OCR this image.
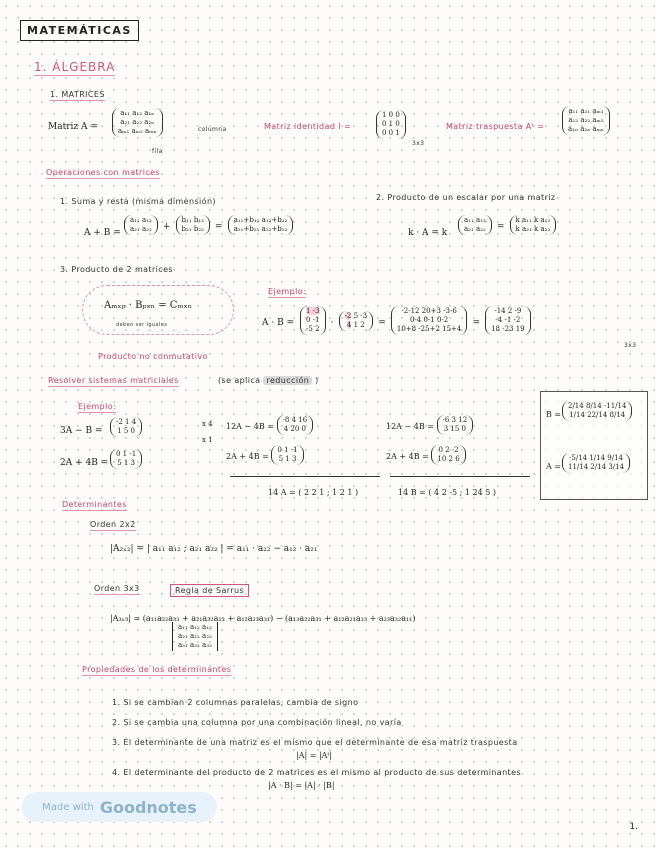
MATEMÁTICAS
1. ÁLGEBRA
1. MATRICES
Matriz A =
a₁₁ a₁₂ a₁ₙ
a₂₁ a₂₂ a₂ₙ
aₘ₁ aₘ₂ aₘₙ	columna
fila
Matriz identidad I =
1 0 0
0 1 0
0 0 1
3x3
Matriz traspuesta Aᵗ =
a₁₁ a₂₁ aₘ₁
a₁₂ a₂₂ aₘ₂
a₁ₙ a₂ₙ aₘₙ
Operaciones con matrices
1. Suma y resta (misma dimensión)
A + B =
a₁₁ a₁₂
a₂₁ a₂₂ + b₁₁ b₁₂
b₂₁ b₂₂ = a₁₁+b₁₁ a₁₂+b₁₂
a₂₁+b₂₁ a₂₂+b₂₂
2. Producto de un escalar por una matriz
k · A = k
a₁₁ a₁₂
a₂₁ a₂₂ = k a₁₁ k a₁₂
k a₂₁ k a₂₂
3. Producto de 2 matrices
Aₘₓₚ · Bₚₓₙ = Cₘₓₙ
deben ser iguales
Producto no conmutativo
Ejemplo:
A · B =
1 -3
0 -1
-5 2 · -2 5 -3
4 1 2 = -2-12 20+3 -3-6
0-4 0-1 0-2
10+8 -25+2 15+4 = -14 2 -9
-4 -1 -2
18 -23 19
3x3
Resolver sistemas matriciales	(se aplica reducción )
Ejemplo:
3A − B =
-2 1 4
1 5 0
2A + 4B =
0 1 -1
5 1 3
x 4
x 1
12A − 4B = -8 4 16
4 20 0
2A + 4B = 0 1 -1
5 1 3
14 A = ( 2 2 1 ; 1 2 1 )
12A − 4B = -6 3 12
3 15 0
2A + 4B = 0 2 -2
10 2 6
14 B = ( 4 2 -5 ; 1 24 5 )
B =
2/14 8/14 -11/14
1/14 22/14 8/14
A =
-5/14 1/14 9/14
11/14 2/14 3/14
Determinantes
Orden 2x2
|A₂ₓ₂| = | a₁₁ a₁₂ ; a₂₁ a₂₂ | = a₁₁ · a₂₂ − a₁₂ · a₂₁
Orden 3x3	Regla de Sarrus
|A₃ₓ₃| = (a₁₁a₂₂a₃₃ + a₂₁a₃₂a₁₃ + a₁₂a₂₃a₃₁) − (a₁₃a₂₂a₃₁ + a₁₂a₂₁a₃₃ + a₂₃a₃₂a₁₁)
a₁₁ a₁₂ a₁₃
a₂₁ a₂₂ a₂₃
a₃₁ a₃₂ a₃₃
Propiedades de los determinantes
1. Si se cambian 2 columnas paralelas, cambia de signo
2. Si se cambia una columna por una combinación lineal, no varía
3. El determinante de una matriz es el mismo que el determinante de esa matriz traspuesta
|A| = |Aᵗ|
4. El determinante del producto de 2 matrices es el mismo al producto de sus determinantes
|A · B| = |A| · |B|
Made with Goodnotes
1.
